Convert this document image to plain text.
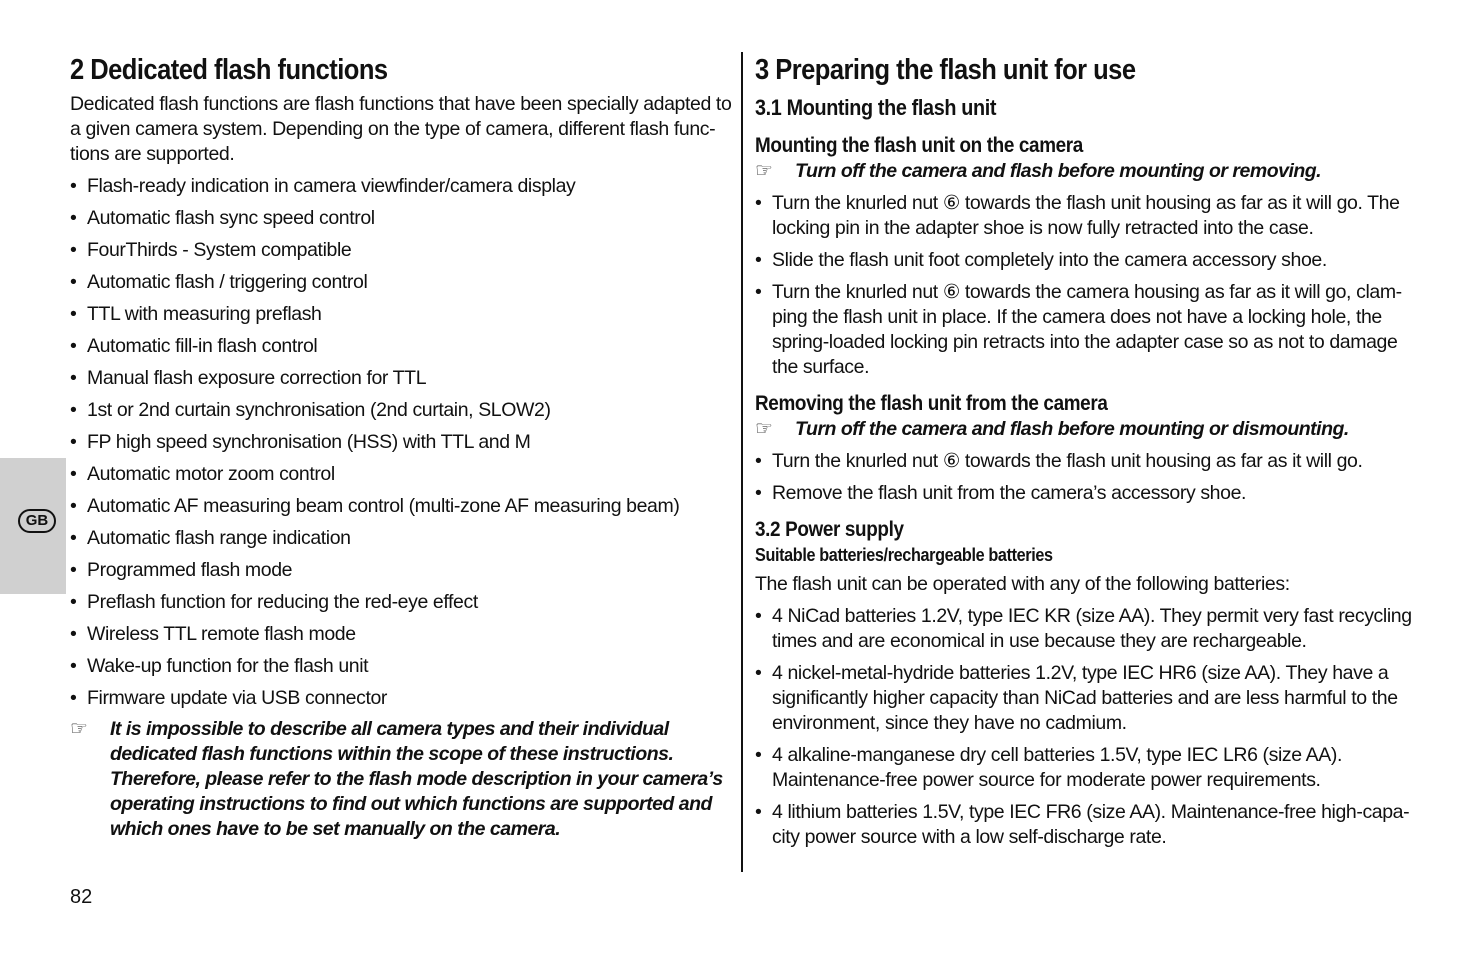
GB
2 Dedicated flash functions

Dedicated flash functions are flash functions that have been specially adapted to a given camera system. Depending on the type of camera, different flash func-tions are supported.

• Flash-ready indication in camera viewfinder/camera display
• Automatic flash sync speed control
• FourThirds - System compatible
• Automatic flash / triggering control
• TTL with measuring preflash
• Automatic fill-in flash control
• Manual flash exposure correction for TTL
• 1st or 2nd curtain synchronisation (2nd curtain, SLOW2)
• FP high speed synchronisation (HSS) with TTL and M
• Automatic motor zoom control
• Automatic AF measuring beam control (multi-zone AF measuring beam)
• Automatic flash range indication
• Programmed flash mode
• Preflash function for reducing the red-eye effect
• Wireless TTL remote flash mode
• Wake-up function for the flash unit
• Firmware update via USB connector
☞ It is impossible to describe all camera types and their individual dedicated flash functions within the scope of these instructions. Therefore, please refer to the flash mode description in your camera’s operating instructions to find out which functions are supported and which ones have to be set manually on the camera.
3 Preparing the flash unit for use
3.1 Mounting the flash unit
Mounting the flash unit on the camera
☞ Turn off the camera and flash before mounting or removing.
• Turn the knurled nut ⑥ towards the flash unit housing as far as it will go. The locking pin in the adapter shoe is now fully retracted into the case.
• Slide the flash unit foot completely into the camera accessory shoe.
• Turn the knurled nut ⑥ towards the camera housing as far as it will go, clam-ping the flash unit in place. If the camera does not have a locking hole, the spring-loaded locking pin retracts into the adapter case so as not to damage the surface.
Removing the flash unit from the camera
☞ Turn off the camera and flash before mounting or dismounting.
• Turn the knurled nut ⑥ towards the flash unit housing as far as it will go.
• Remove the flash unit from the camera’s accessory shoe.
3.2 Power supply
Suitable batteries/rechargeable batteries

The flash unit can be operated with any of the following batteries:

• 4 NiCad batteries 1.2V, type IEC KR (size AA). They permit very fast recycling times and are economical in use because they are rechargeable.
• 4 nickel-metal-hydride batteries 1.2V, type IEC HR6 (size AA). They have a significantly higher capacity than NiCad batteries and are less harmful to the environment, since they have no cadmium.
• 4 alkaline-manganese dry cell batteries 1.5V, type IEC LR6 (size AA). Maintenance-free power source for moderate power requirements.
• 4 lithium batteries 1.5V, type IEC FR6 (size AA). Maintenance-free high-capa-city power source with a low self-discharge rate.
82
